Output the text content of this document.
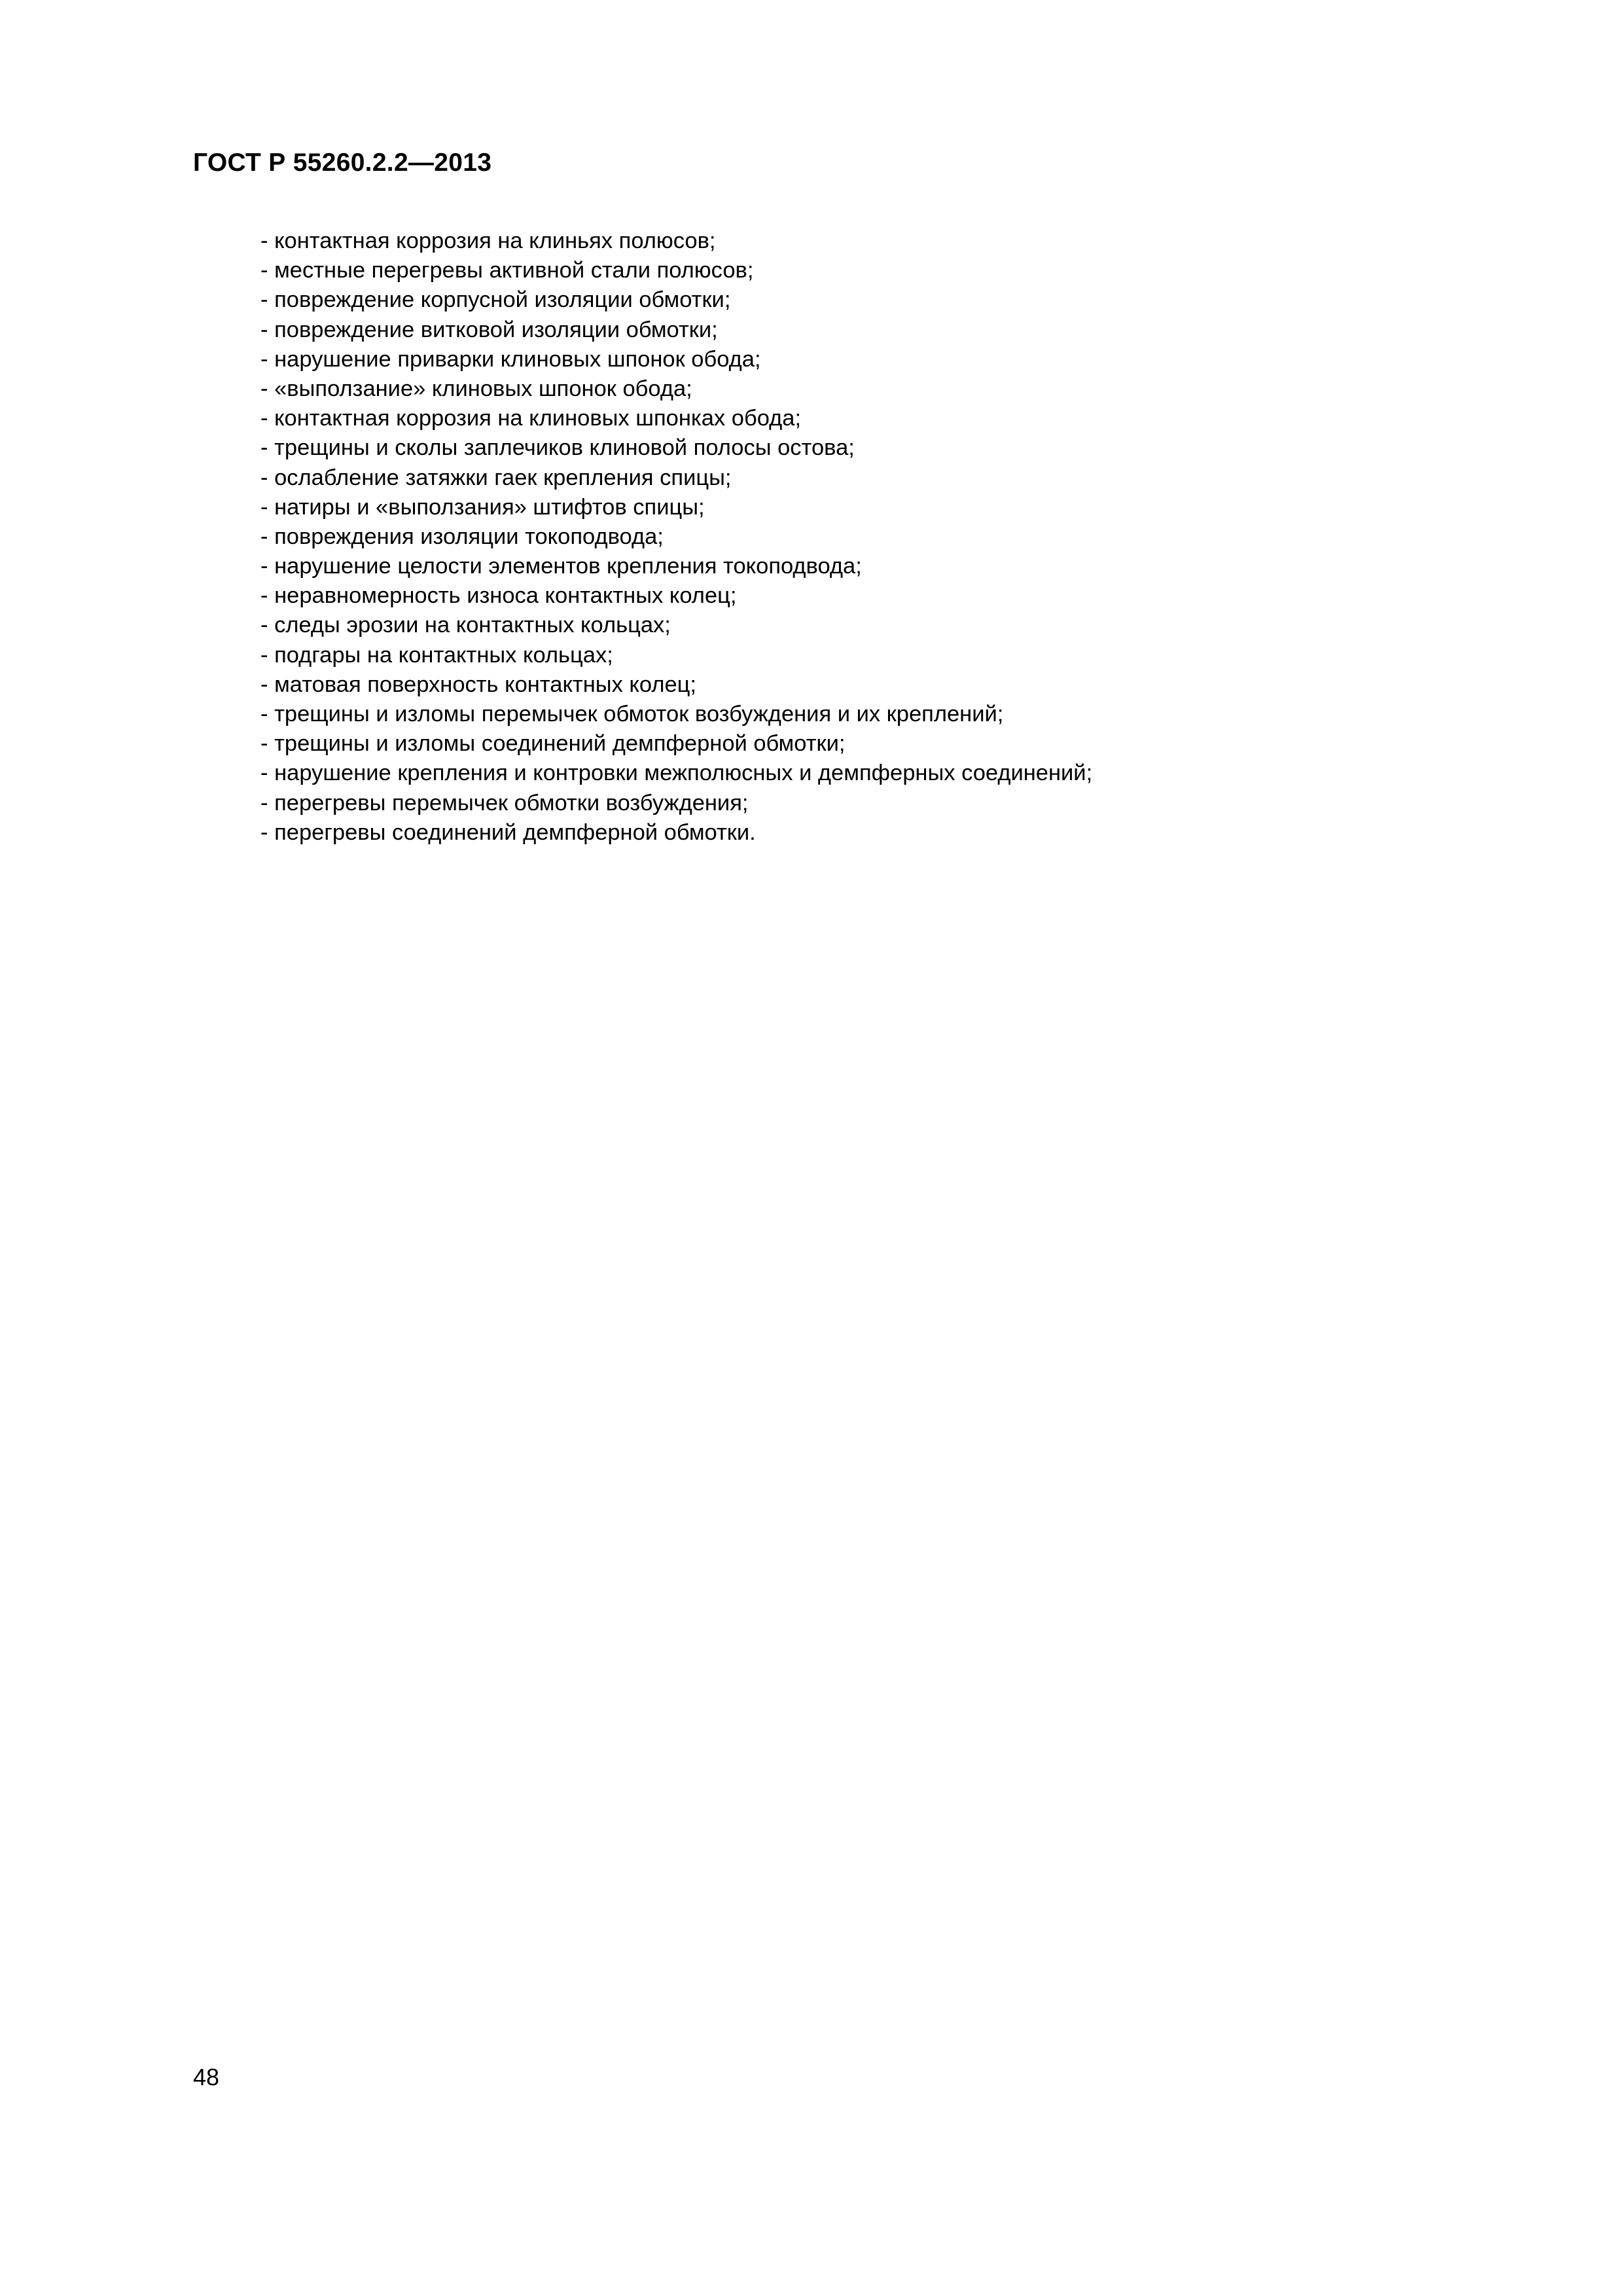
ГОСТ Р 55260.2.2—2013
- контактная коррозия на клиньях полюсов;
- местные перегревы активной стали полюсов;
- повреждение корпусной изоляции обмотки;
- повреждение витковой изоляции обмотки;
- нарушение приварки клиновых шпонок обода;
- «выползание» клиновых шпонок обода;
- контактная коррозия на клиновых шпонках обода;
- трещины и сколы заплечиков клиновой полосы остова;
- ослабление затяжки гаек крепления спицы;
- натиры и «выползания» штифтов спицы;
- повреждения изоляции токоподвода;
- нарушение целости элементов крепления токоподвода;
- неравномерность износа контактных колец;
- следы эрозии на контактных кольцах;
- подгары на контактных кольцах;
- матовая поверхность контактных колец;
- трещины и изломы перемычек обмоток возбуждения и их креплений;
- трещины и изломы соединений демпферной обмотки;
- нарушение крепления и контровки межполюсных и демпферных соединений;
- перегревы перемычек обмотки возбуждения;
- перегревы соединений демпферной обмотки.
48
